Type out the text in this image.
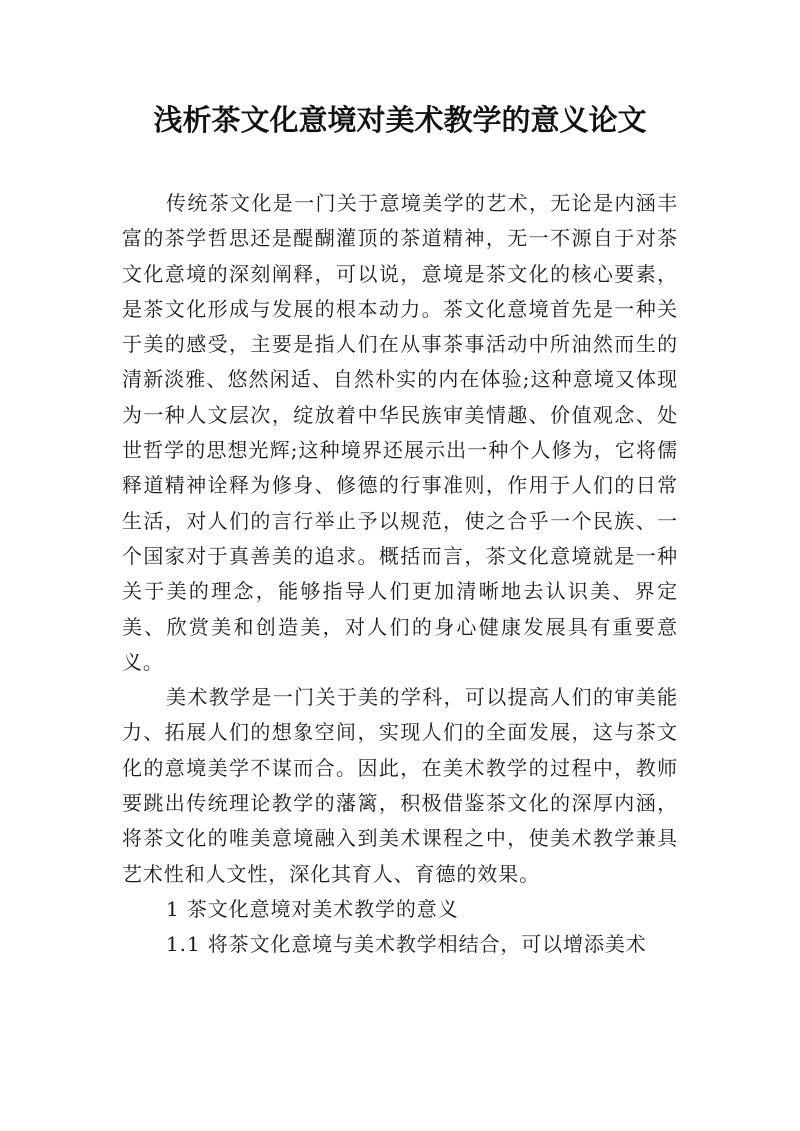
浅析茶文化意境对美术教学的意义论文

传统茶文化是一门关于意境美学的艺术，无论是内涵丰富的茶学哲思还是醍醐灌顶的茶道精神，无一不源自于对茶文化意境的深刻阐释，可以说，意境是茶文化的核心要素，是茶文化形成与发展的根本动力。茶文化意境首先是一种关于美的感受，主要是指人们在从事茶事活动中所油然而生的清新淡雅、悠然闲适、自然朴实的内在体验;这种意境又体现为一种人文层次，绽放着中华民族审美情趣、价值观念、处世哲学的思想光辉;这种境界还展示出一种个人修为，它将儒释道精神诠释为修身、修德的行事准则，作用于人们的日常生活，对人们的言行举止予以规范，使之合乎一个民族、一个国家对于真善美的追求。概括而言，茶文化意境就是一种关于美的理念，能够指导人们更加清晰地去认识美、界定美、欣赏美和创造美，对人们的身心健康发展具有重要意义。

美术教学是一门关于美的学科，可以提高人们的审美能力、拓展人们的想象空间，实现人们的全面发展，这与茶文化的意境美学不谋而合。因此，在美术教学的过程中，教师要跳出传统理论教学的藩篱，积极借鉴茶文化的深厚内涵，将茶文化的唯美意境融入到美术课程之中，使美术教学兼具艺术性和人文性，深化其育人、育德的效果。

1 茶文化意境对美术教学的意义

1.1 将茶文化意境与美术教学相结合，可以增添美术
